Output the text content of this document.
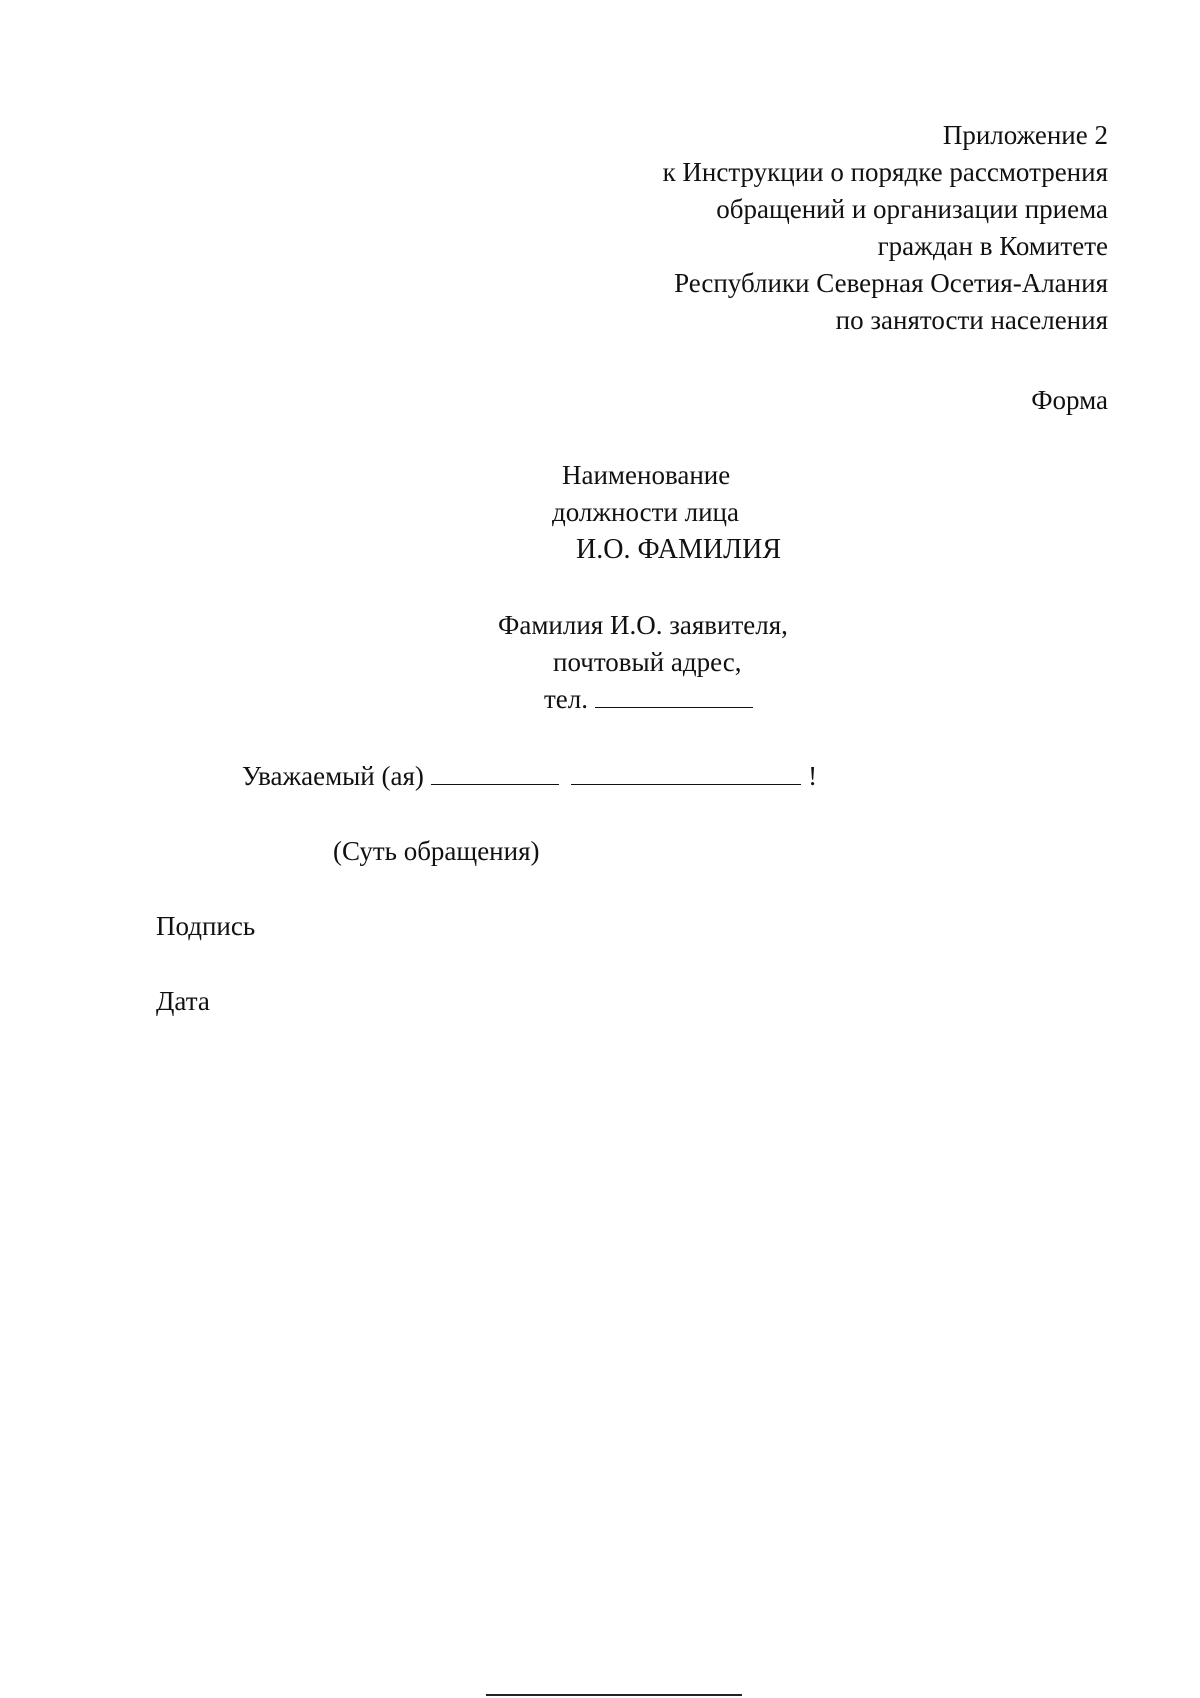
Приложение 2
к Инструкции о порядке рассмотрения
обращений и организации приема
граждан в Комитете
Республики Северная Осетия-Алания
по занятости населения
Форма
Наименование
должности лица
И.О. ФАМИЛИЯ
Фамилия И.О. заявителя,
почтовый адрес,
тел.
Уважаемый (ая)	!
(Суть обращения)
Подпись
Дата
